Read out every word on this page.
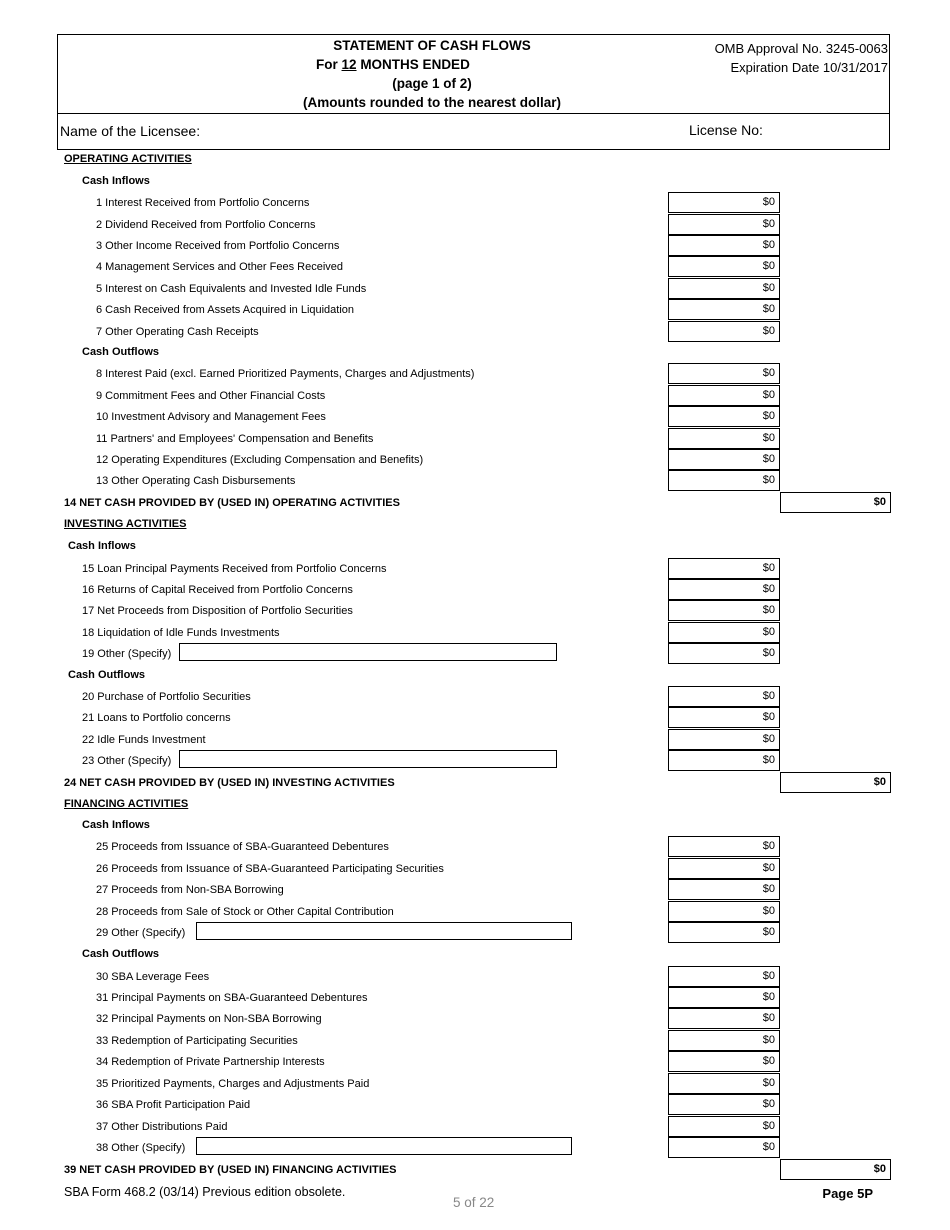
STATEMENT OF CASH FLOWS
For 12 MONTHS ENDED
(page 1 of 2)
(Amounts rounded to the nearest dollar)
OMB Approval No. 3245-0063
Expiration Date 10/31/2017
Name of the Licensee:	License No:
OPERATING ACTIVITIES
Cash Inflows
1 Interest Received from Portfolio Concerns	$0
2 Dividend Received from Portfolio Concerns	$0
3 Other Income Received from Portfolio Concerns	$0
4 Management Services and Other Fees Received	$0
5 Interest on Cash Equivalents and Invested Idle Funds	$0
6 Cash Received from Assets Acquired in Liquidation	$0
7 Other Operating Cash Receipts	$0
Cash Outflows
8 Interest Paid (excl. Earned Prioritized Payments, Charges and Adjustments)	$0
9 Commitment Fees and Other Financial Costs	$0
10 Investment Advisory and Management Fees	$0
11 Partners' and Employees' Compensation and Benefits	$0
12 Operating Expenditures (Excluding Compensation and Benefits)	$0
13 Other Operating Cash Disbursements	$0
14 NET CASH PROVIDED BY (USED IN) OPERATING ACTIVITIES	$0
INVESTING ACTIVITIES
Cash Inflows
15 Loan Principal Payments Received from Portfolio Concerns	$0
16 Returns of Capital Received from Portfolio Concerns	$0
17 Net Proceeds from Disposition of Portfolio Securities	$0
18 Liquidation of Idle Funds Investments	$0
19 Other (Specify)	$0
Cash Outflows
20 Purchase of Portfolio Securities	$0
21 Loans to Portfolio concerns	$0
22 Idle Funds Investment	$0
23 Other (Specify)	$0
24 NET CASH PROVIDED BY (USED IN) INVESTING ACTIVITIES	$0
FINANCING ACTIVITIES
Cash Inflows
25 Proceeds from Issuance of SBA-Guaranteed Debentures	$0
26 Proceeds from Issuance of SBA-Guaranteed Participating Securities	$0
27 Proceeds from Non-SBA Borrowing	$0
28 Proceeds from Sale of Stock or Other Capital Contribution	$0
29 Other (Specify)	$0
Cash Outflows
30 SBA Leverage Fees	$0
31 Principal Payments on SBA-Guaranteed Debentures	$0
32 Principal Payments on Non-SBA Borrowing	$0
33 Redemption of Participating Securities	$0
34 Redemption of Private Partnership Interests	$0
35 Prioritized Payments, Charges and Adjustments Paid	$0
36 SBA Profit Participation Paid	$0
37 Other Distributions Paid	$0
38 Other (Specify)	$0
39 NET CASH PROVIDED BY (USED IN) FINANCING ACTIVITIES	$0
SBA Form 468.2 (03/14) Previous edition obsolete.
5 of 22
Page 5P
